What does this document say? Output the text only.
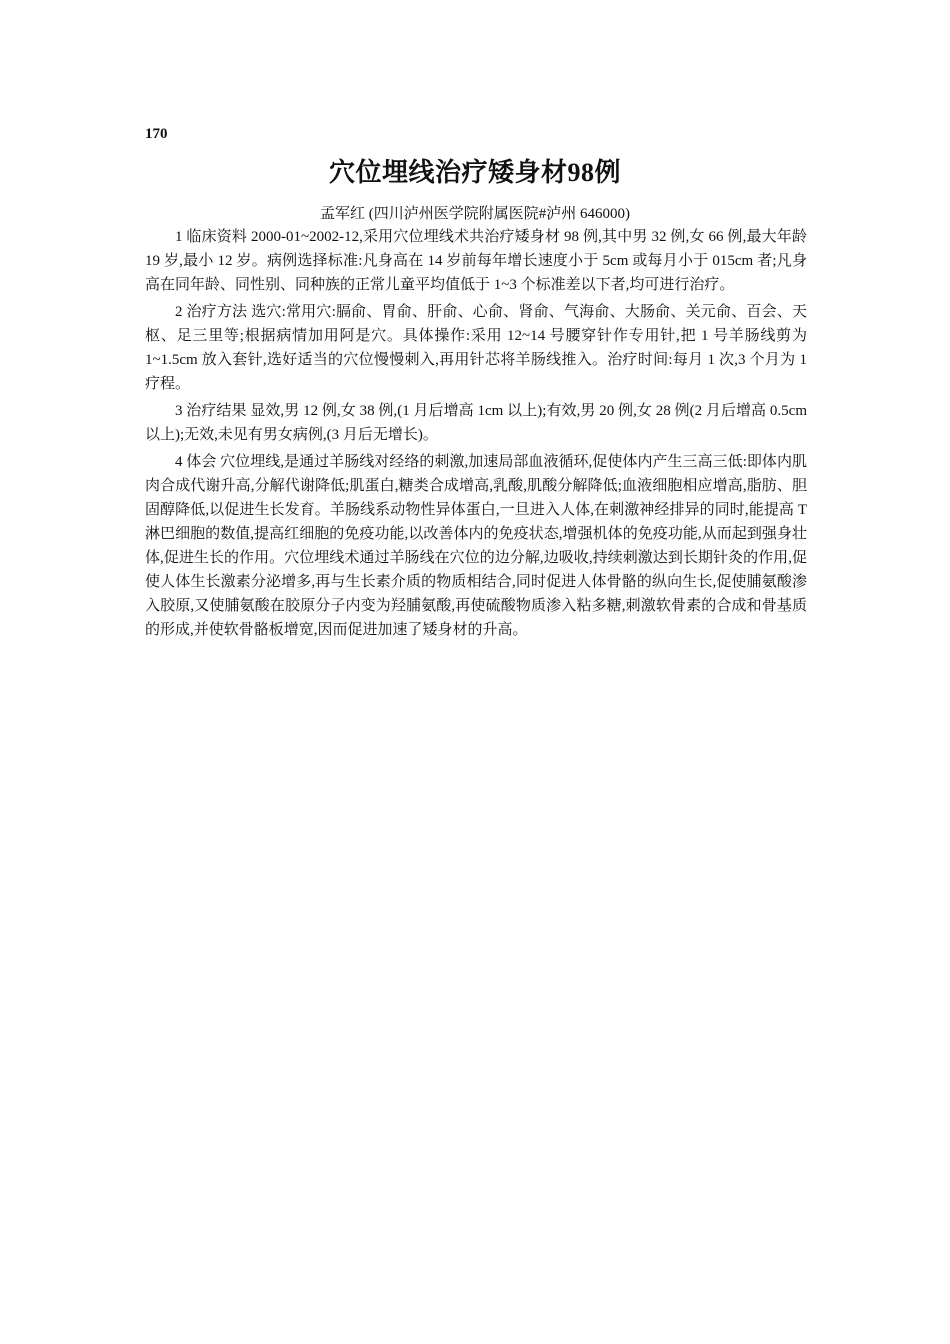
170
穴位埋线治疗矮身材98例
孟军红 (四川泸州医学院附属医院#泸州 646000)

1 临床资料 2000-01~2002-12,采用穴位埋线术共治疗矮身材 98 例,其中男 32 例,女 66 例,最大年龄 19 岁,最小 12 岁。病例选择标准:凡身高在 14 岁前每年增长速度小于 5cm 或每月小于 015cm 者;凡身高在同年龄、同性别、同种族的正常儿童平均值低于 1~3 个标准差以下者,均可进行治疗。

2 治疗方法 选穴:常用穴:膈俞、胃俞、肝俞、心俞、肾俞、气海俞、大肠俞、关元俞、百会、天枢、足三里等;根据病情加用阿是穴。具体操作:采用 12~14 号腰穿针作专用针,把 1 号羊肠线剪为 1~1.5cm 放入套针,选好适当的穴位慢慢刺入,再用针芯将羊肠线推入。治疗时间:每月 1 次,3 个月为 1 疗程。

3 治疗结果 显效,男 12 例,女 38 例,(1 月后增高 1cm 以上);有效,男 20 例,女 28 例(2 月后增高 0.5cm 以上);无效,未见有男女病例,(3 月后无增长)。

4 体会 穴位埋线,是通过羊肠线对经络的刺激,加速局部血液循环,促使体内产生三高三低:即体内肌肉合成代谢升高,分解代谢降低;肌蛋白,糖类合成增高,乳酸,肌酸分解降低;血液细胞相应增高,脂肪、胆固醇降低,以促进生长发育。羊肠线系动物性异体蛋白,一旦进入人体,在刺激神经排异的同时,能提高 T 淋巴细胞的数值,提高红细胞的免疫功能,以改善体内的免疫状态,增强机体的免疫功能,从而起到强身壮体,促进生长的作用。穴位埋线术通过羊肠线在穴位的边分解,边吸收,持续刺激达到长期针灸的作用,促使人体生长激素分泌增多,再与生长素介质的物质相结合,同时促进人体骨骼的纵向生长,促使脯氨酸渗入胶原,又使脯氨酸在胶原分子内变为羟脯氨酸,再使硫酸物质渗入粘多糖,刺激软骨素的合成和骨基质的形成,并使软骨骼板增宽,因而促进加速了矮身材的升高。
